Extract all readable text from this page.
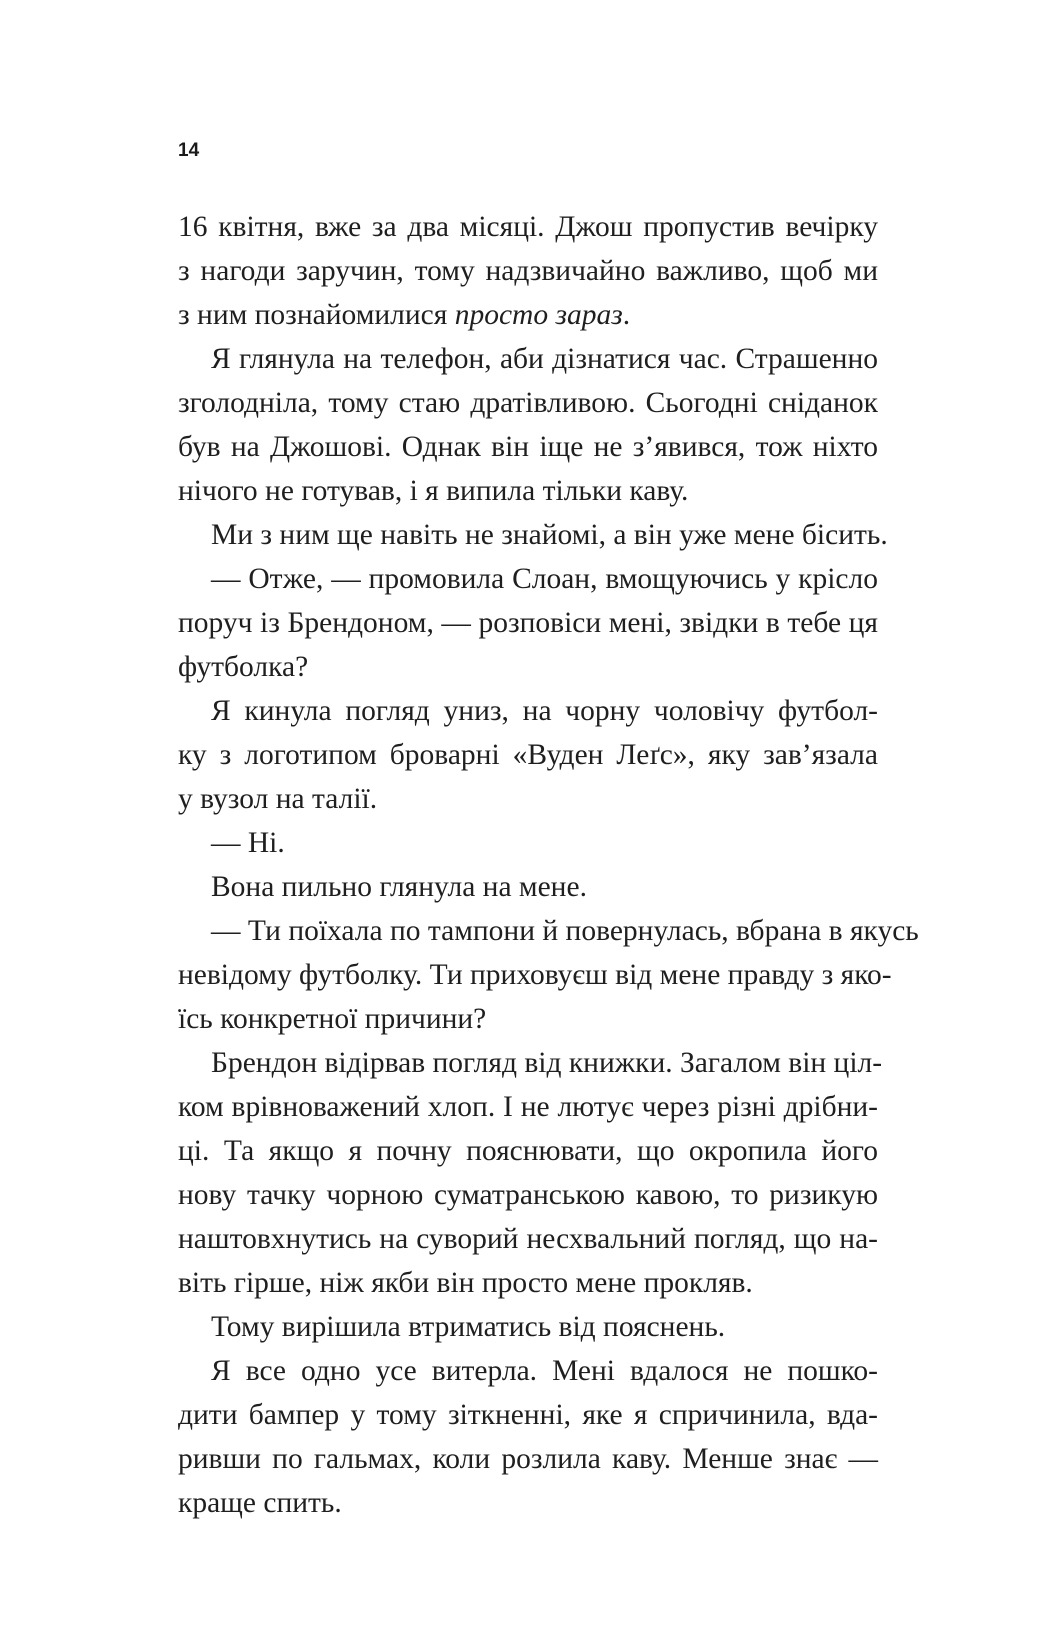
14
16 квітня, вже за два місяці. Джош пропустив вечірку
з нагоди заручин, тому надзвичайно важливо, щоб ми
з ним познайомилися просто зараз.
Я глянула на телефон, аби дізнатися час. Страшенно
зголодніла, тому стаю дратівливою. Сьогодні сніданок
був на Джошові. Однак він іще не з’явився, тож ніхто
нічого не готував, і я випила тільки каву.
Ми з ним ще навіть не знайомі, а він уже мене бісить.
— Отже, — промовила Слоан, вмощуючись у крісло
поруч із Брендоном, — розповіси мені, звідки в тебе ця
футболка?
Я кинула погляд униз, на чорну чоловічу футбол-
ку з логотипом броварні «Вуден Леґс», яку зав’язала
у вузол на талії.
— Ні.
Вона пильно глянула на мене.
— Ти поїхала по тампони й повернулась, вбрана в якусь
невідому футболку. Ти приховуєш від мене правду з яко-
їсь конкретної причини?
Брендон відірвав погляд від книжки. Загалом він ціл-
ком врівноважений хлоп. І не лютує через різні дрібни-
ці. Та якщо я почну пояснювати, що окропила його
нову тачку чорною суматранською кавою, то ризикую
наштовхнутись на суворий несхвальний погляд, що на-
віть гірше, ніж якби він просто мене прокляв.
Тому вирішила втриматись від пояснень.
Я все одно усе витерла. Мені вдалося не пошко-
дити бампер у тому зіткненні, яке я спричинила, вда-
ривши по гальмах, коли розлила каву. Менше знає —
краще спить.
